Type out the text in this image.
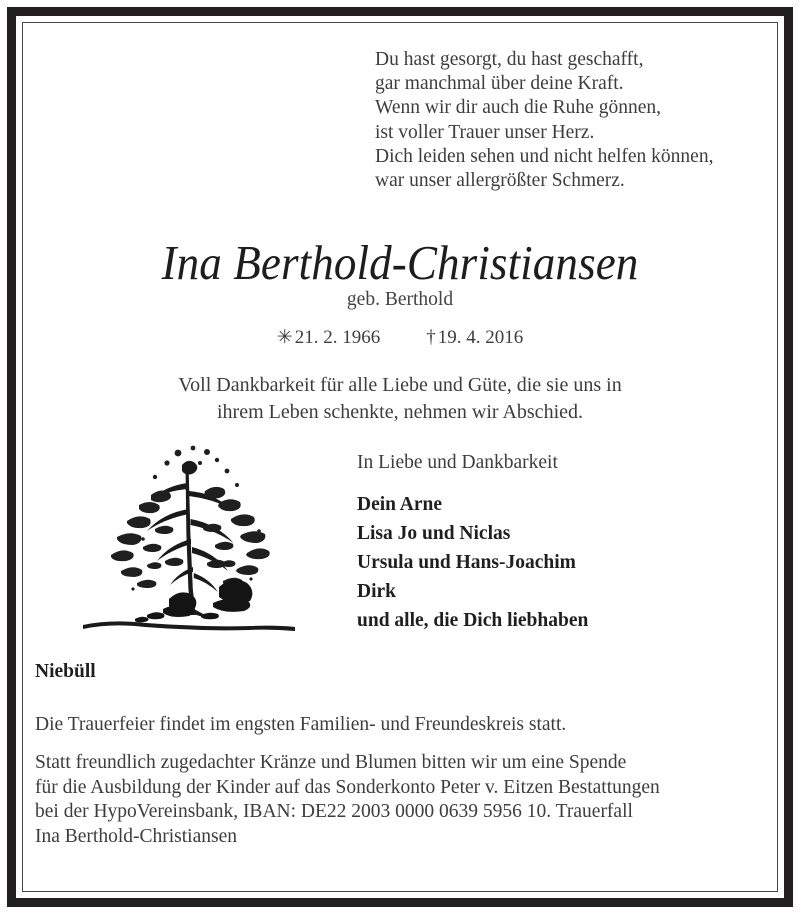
Du hast gesorgt, du hast geschafft,
gar manchmal über deine Kraft.
Wenn wir dir auch die Ruhe gönnen,
ist voller Trauer unser Herz.
Dich leiden sehen und nicht helfen können,
war unser allergrößter Schmerz.
Ina Berthold-Christiansen
geb. Berthold
✳21. 2. 1966 †19. 4. 2016
Voll Dankbarkeit für alle Liebe und Güte, die sie uns in
ihrem Leben schenkte, nehmen wir Abschied.
In Liebe und Dankbarkeit
Dein Arne
Lisa Jo und Niclas
Ursula und Hans-Joachim
Dirk
und alle, die Dich liebhaben
Niebüll
Die Trauerfeier findet im engsten Familien- und Freundeskreis statt.
Statt freundlich zugedachter Kränze und Blumen bitten wir um eine Spende
für die Ausbildung der Kinder auf das Sonderkonto Peter v. Eitzen Bestattungen
bei der HypoVereinsbank, IBAN: DE22 2003 0000 0639 5956 10. Trauerfall
Ina Berthold-Christiansen
